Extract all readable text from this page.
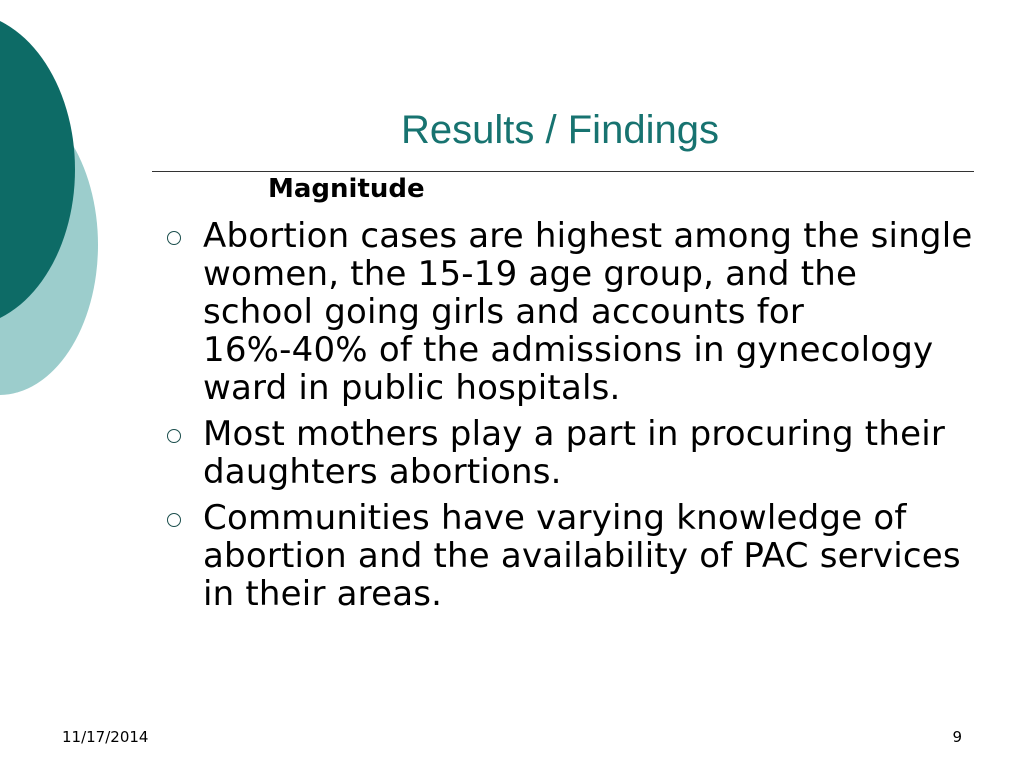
Results / Findings
Magnitude
Abortion cases are highest among the single women, the 15-19 age group, and the school going girls and accounts for 16%-40% of the admissions in gynecology ward in public hospitals.
Most mothers play a part in procuring their daughters abortions.
Communities have varying knowledge of abortion and the availability of PAC services in their areas.
11/17/2014	9
